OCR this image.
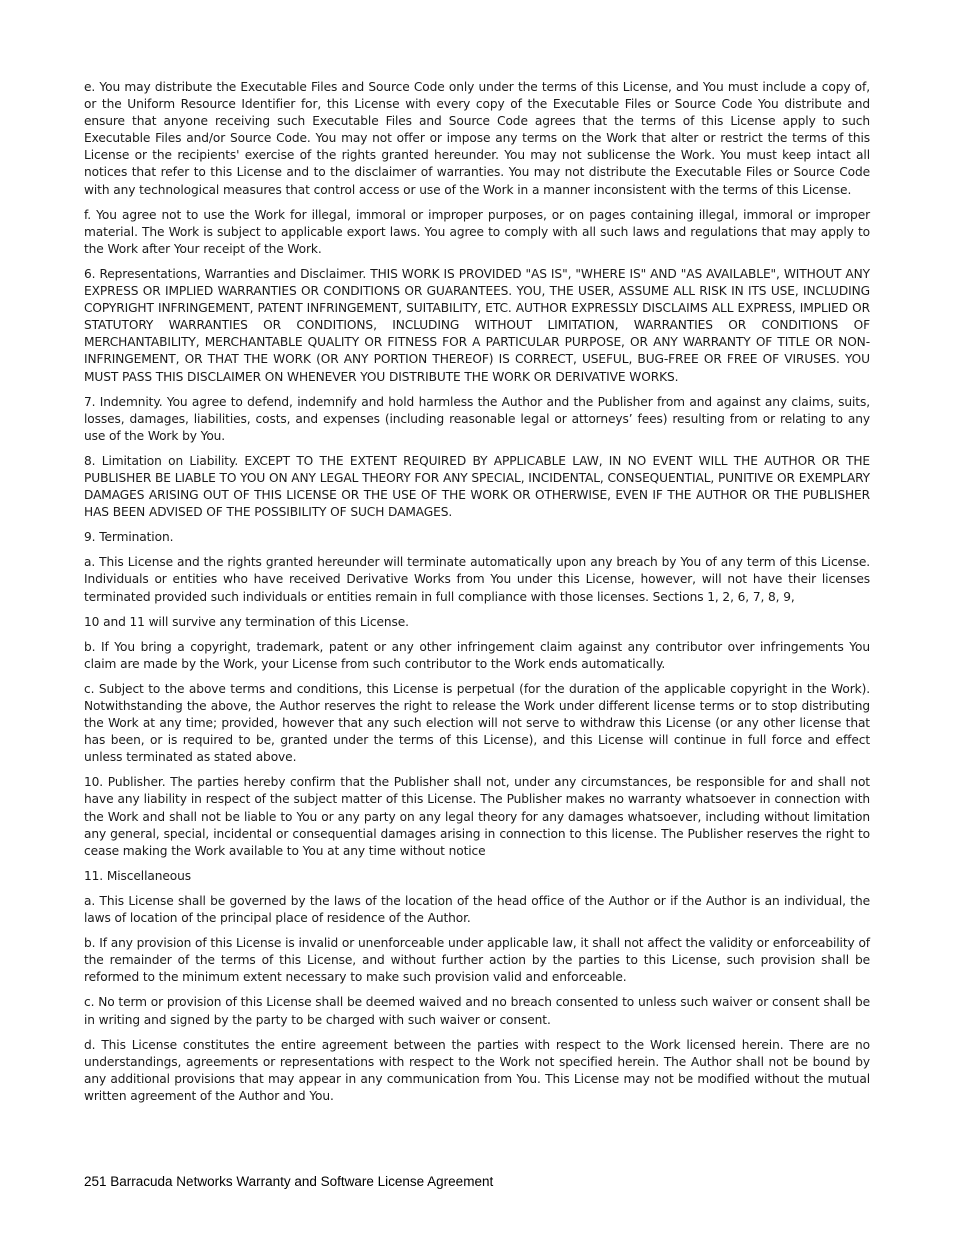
e. You may distribute the Executable Files and Source Code only under the terms of this License, and You must include a copy of, or the Uniform Resource Identifier for, this License with every copy of the Executable Files or Source Code You distribute and ensure that anyone receiving such Executable Files and Source Code agrees that the terms of this License apply to such Executable Files and/or Source Code. You may not offer or impose any terms on the Work that alter or restrict the terms of this License or the recipients' exercise of the rights granted hereunder. You may not sublicense the Work. You must keep intact all notices that refer to this License and to the disclaimer of warranties. You may not distribute the Executable Files or Source Code with any technological measures that control access or use of the Work in a manner inconsistent with the terms of this License.

f. You agree not to use the Work for illegal, immoral or improper purposes, or on pages containing illegal, immoral or improper material. The Work is subject to applicable export laws. You agree to comply with all such laws and regulations that may apply to the Work after Your receipt of the Work.

6. Representations, Warranties and Disclaimer. THIS WORK IS PROVIDED "AS IS", "WHERE IS" AND "AS AVAILABLE", WITHOUT ANY EXPRESS OR IMPLIED WARRANTIES OR CONDITIONS OR GUARANTEES. YOU, THE USER, ASSUME ALL RISK IN ITS USE, INCLUDING COPYRIGHT INFRINGEMENT, PATENT INFRINGEMENT, SUITABILITY, ETC. AUTHOR EXPRESSLY DISCLAIMS ALL EXPRESS, IMPLIED OR STATUTORY WARRANTIES OR CONDITIONS, INCLUDING WITHOUT LIMITATION, WARRANTIES OR CONDITIONS OF MERCHANTABILITY, MERCHANTABLE QUALITY OR FITNESS FOR A PARTICULAR PURPOSE, OR ANY WARRANTY OF TITLE OR NON-INFRINGEMENT, OR THAT THE WORK (OR ANY PORTION THEREOF) IS CORRECT, USEFUL, BUG-FREE OR FREE OF VIRUSES. YOU MUST PASS THIS DISCLAIMER ON WHENEVER YOU DISTRIBUTE THE WORK OR DERIVATIVE WORKS.

7. Indemnity. You agree to defend, indemnify and hold harmless the Author and the Publisher from and against any claims, suits, losses, damages, liabilities, costs, and expenses (including reasonable legal or attorneys’ fees) resulting from or relating to any use of the Work by You.

8. Limitation on Liability. EXCEPT TO THE EXTENT REQUIRED BY APPLICABLE LAW, IN NO EVENT WILL THE AUTHOR OR THE PUBLISHER BE LIABLE TO YOU ON ANY LEGAL THEORY FOR ANY SPECIAL, INCIDENTAL, CONSEQUENTIAL, PUNITIVE OR EXEMPLARY DAMAGES ARISING OUT OF THIS LICENSE OR THE USE OF THE WORK OR OTHERWISE, EVEN IF THE AUTHOR OR THE PUBLISHER HAS BEEN ADVISED OF THE POSSIBILITY OF SUCH DAMAGES.

9. Termination.

a. This License and the rights granted hereunder will terminate automatically upon any breach by You of any term of this License. Individuals or entities who have received Derivative Works from You under this License, however, will not have their licenses terminated provided such individuals or entities remain in full compliance with those licenses. Sections 1, 2, 6, 7, 8, 9,

10 and 11 will survive any termination of this License.

b. If You bring a copyright, trademark, patent or any other infringement claim against any contributor over infringements You claim are made by the Work, your License from such contributor to the Work ends automatically.

c. Subject to the above terms and conditions, this License is perpetual (for the duration of the applicable copyright in the Work). Notwithstanding the above, the Author reserves the right to release the Work under different license terms or to stop distributing the Work at any time; provided, however that any such election will not serve to withdraw this License (or any other license that has been, or is required to be, granted under the terms of this License), and this License will continue in full force and effect unless terminated as stated above.

10. Publisher. The parties hereby confirm that the Publisher shall not, under any circumstances, be responsible for and shall not have any liability in respect of the subject matter of this License. The Publisher makes no warranty whatsoever in connection with the Work and shall not be liable to You or any party on any legal theory for any damages whatsoever, including without limitation any general, special, incidental or consequential damages arising in connection to this license. The Publisher reserves the right to cease making the Work available to You at any time without notice

11. Miscellaneous

a. This License shall be governed by the laws of the location of the head office of the Author or if the Author is an individual, the laws of location of the principal place of residence of the Author.

b. If any provision of this License is invalid or unenforceable under applicable law, it shall not affect the validity or enforceability of the remainder of the terms of this License, and without further action by the parties to this License, such provision shall be reformed to the minimum extent necessary to make such provision valid and enforceable.

c. No term or provision of this License shall be deemed waived and no breach consented to unless such waiver or consent shall be in writing and signed by the party to be charged with such waiver or consent.

d. This License constitutes the entire agreement between the parties with respect to the Work licensed herein. There are no understandings, agreements or representations with respect to the Work not specified herein. The Author shall not be bound by any additional provisions that may appear in any communication from You. This License may not be modified without the mutual written agreement of the Author and You.

251 Barracuda Networks Warranty and Software License Agreement
